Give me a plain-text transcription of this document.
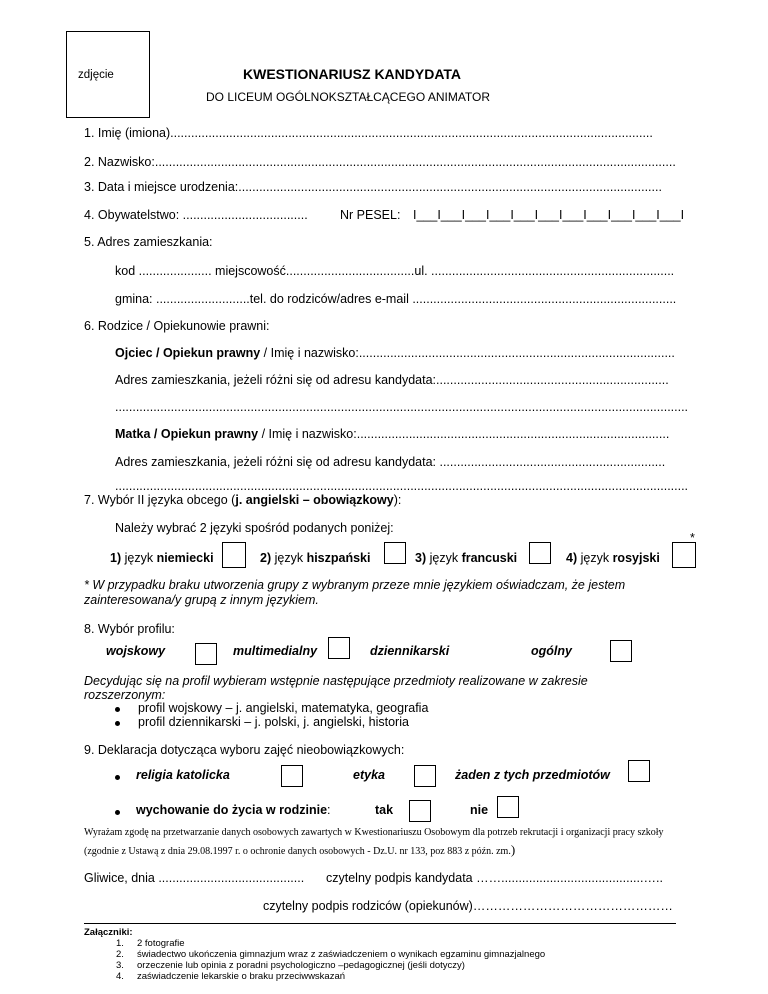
zdjęcie	KWESTIONARIUSZ KANDYDATA
DO LICEUM OGÓLNOKSZTAŁCĄCEGO ANIMATOR
1. Imię (imiona)...........................................................................................................................................
2. Nazwisko:......................................................................................................................................................
3. Data i miejsce urodzenia:..........................................................................................................................
4. Obywatelstwo: ....................................	Nr PESEL: I___I___I___I___I___I___I___I___I___I___I___I
5. Adres zamieszkania:
kod ..................... miejscowość.....................................ul. ......................................................................
gmina: ...........................tel. do rodziców/adres e-mail ............................................................................
6. Rodzice / Opiekunowie prawni:
Ojciec / Opiekun prawny / Imię i nazwisko:...........................................................................................
Adres zamieszkania, jeżeli różni się od adresu kandydata:...................................................................
.....................................................................................................................................................................
Matka / Opiekun prawny / Imię i nazwisko:..........................................................................................
Adres zamieszkania, jeżeli różni się od adresu kandydata: .................................................................
.....................................................................................................................................................................
7. Wybór II języka obcego (j. angielski – obowiązkowy):
Należy wybrać 2 języki spośród podanych poniżej:
*
1) język niemiecki	2) język hiszpański	3) język francuski	4) język rosyjski
* W przypadku braku utworzenia grupy z wybranym przeze mnie językiem oświadczam, że jestem
zainteresowana/y grupą z innym językiem.
8. Wybór profilu:
wojskowy	multimedialny	dziennikarski	ogólny
Decydując się na profil wybieram wstępnie następujące przedmioty realizowane w zakresie
rozszerzonym:
profil wojskowy – j. angielski, matematyka, geografia
profil dziennikarski – j. polski, j. angielski, historia
9. Deklaracja dotycząca wyboru zajęć nieobowiązkowych:
religia katolicka	etyka	żaden z tych przedmiotów
wychowanie do życia w rodzinie:	tak	nie
Wyrażam zgodę na przetwarzanie danych osobowych zawartych w Kwestionariuszu Osobowym dla potrzeb rekrutacji i organizacji pracy szkoły
(zgodnie z Ustawą z dnia 29.08.1997 r. o ochronie danych osobowych - Dz.U. nr 133, poz 883 z późn. zm.)
Gliwice, dnia .......................................... czytelny podpis kandydata …….........................................…..
czytelny podpis rodziców (opiekunów)…………………………………………
Załączniki:
1. 2 fotografie
2. świadectwo ukończenia gimnazjum wraz z zaświadczeniem o wynikach egzaminu gimnazjalnego
3. orzeczenie lub opinia z poradni psychologiczno –pedagogicznej (jeśli dotyczy)
4. zaświadczenie lekarskie o braku przeciwwskazań
